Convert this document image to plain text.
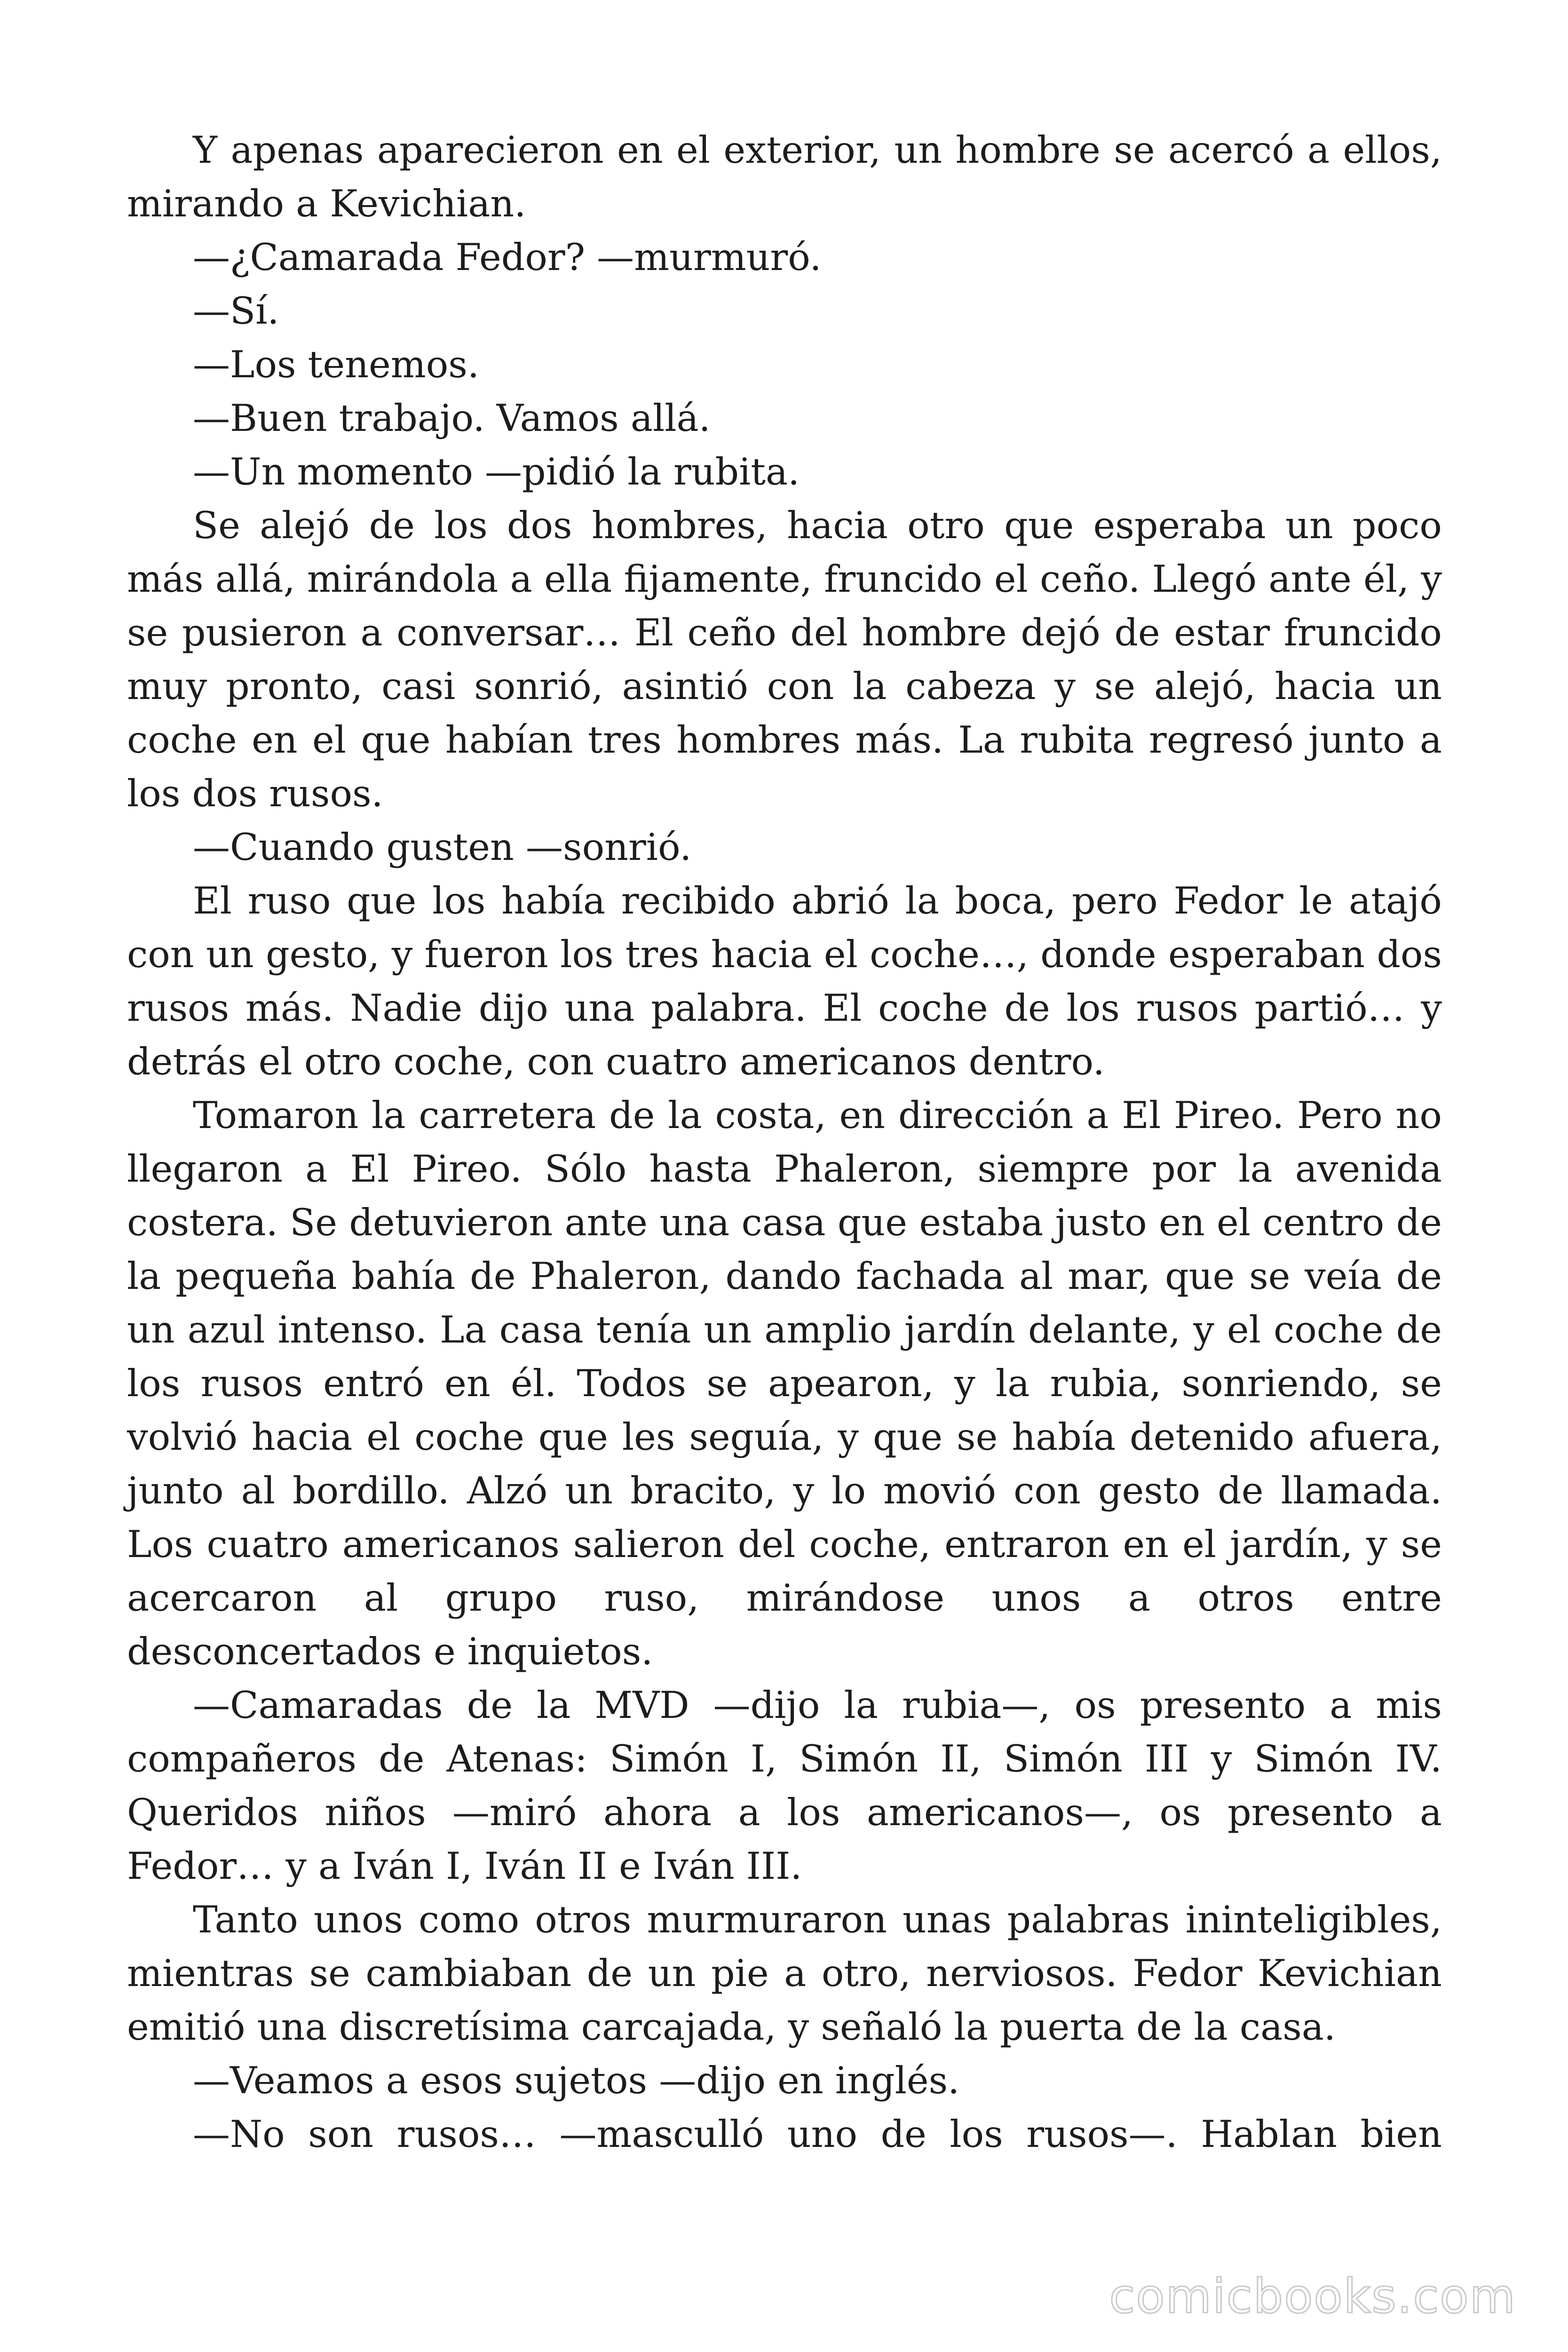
Y apenas aparecieron en el exterior, un hombre se acercó a ellos, mirando a Kevichian.

—¿Camarada Fedor? —murmuró.

—Sí.

—Los tenemos.

—Buen trabajo. Vamos allá.

—Un momento —pidió la rubita.

Se alejó de los dos hombres, hacia otro que esperaba un poco más allá, mirándola a ella fijamente, fruncido el ceño. Llegó ante él, y se pusieron a conversar… El ceño del hombre dejó de estar fruncido muy pronto, casi sonrió, asintió con la cabeza y se alejó, hacia un coche en el que habían tres hombres más. La rubita regresó junto a los dos rusos.

—Cuando gusten —sonrió.

El ruso que los había recibido abrió la boca, pero Fedor le atajó con un gesto, y fueron los tres hacia el coche…, donde esperaban dos rusos más. Nadie dijo una palabra. El coche de los rusos partió… y detrás el otro coche, con cuatro americanos dentro.

Tomaron la carretera de la costa, en dirección a El Pireo. Pero no llegaron a El Pireo. Sólo hasta Phaleron, siempre por la avenida costera. Se detuvieron ante una casa que estaba justo en el centro de la pequeña bahía de Phaleron, dando fachada al mar, que se veía de un azul intenso. La casa tenía un amplio jardín delante, y el coche de los rusos entró en él. Todos se apearon, y la rubia, sonriendo, se volvió hacia el coche que les seguía, y que se había detenido afuera, junto al bordillo. Alzó un bracito, y lo movió con gesto de llamada. Los cuatro americanos salieron del coche, entraron en el jardín, y se acercaron al grupo ruso, mirándose unos a otros entre desconcertados e inquietos.

—Camaradas de la MVD —dijo la rubia—, os presento a mis compañeros de Atenas: Simón I, Simón II, Simón III y Simón IV. Queridos niños —miró ahora a los americanos—, os presento a Fedor… y a Iván I, Iván II e Iván III.

Tanto unos como otros murmuraron unas palabras ininteligibles, mientras se cambiaban de un pie a otro, nerviosos. Fedor Kevichian emitió una discretísima carcajada, y señaló la puerta de la casa.

—Veamos a esos sujetos —dijo en inglés.

—No son rusos… —masculló uno de los rusos—. Hablan bien

comicbooks.com
